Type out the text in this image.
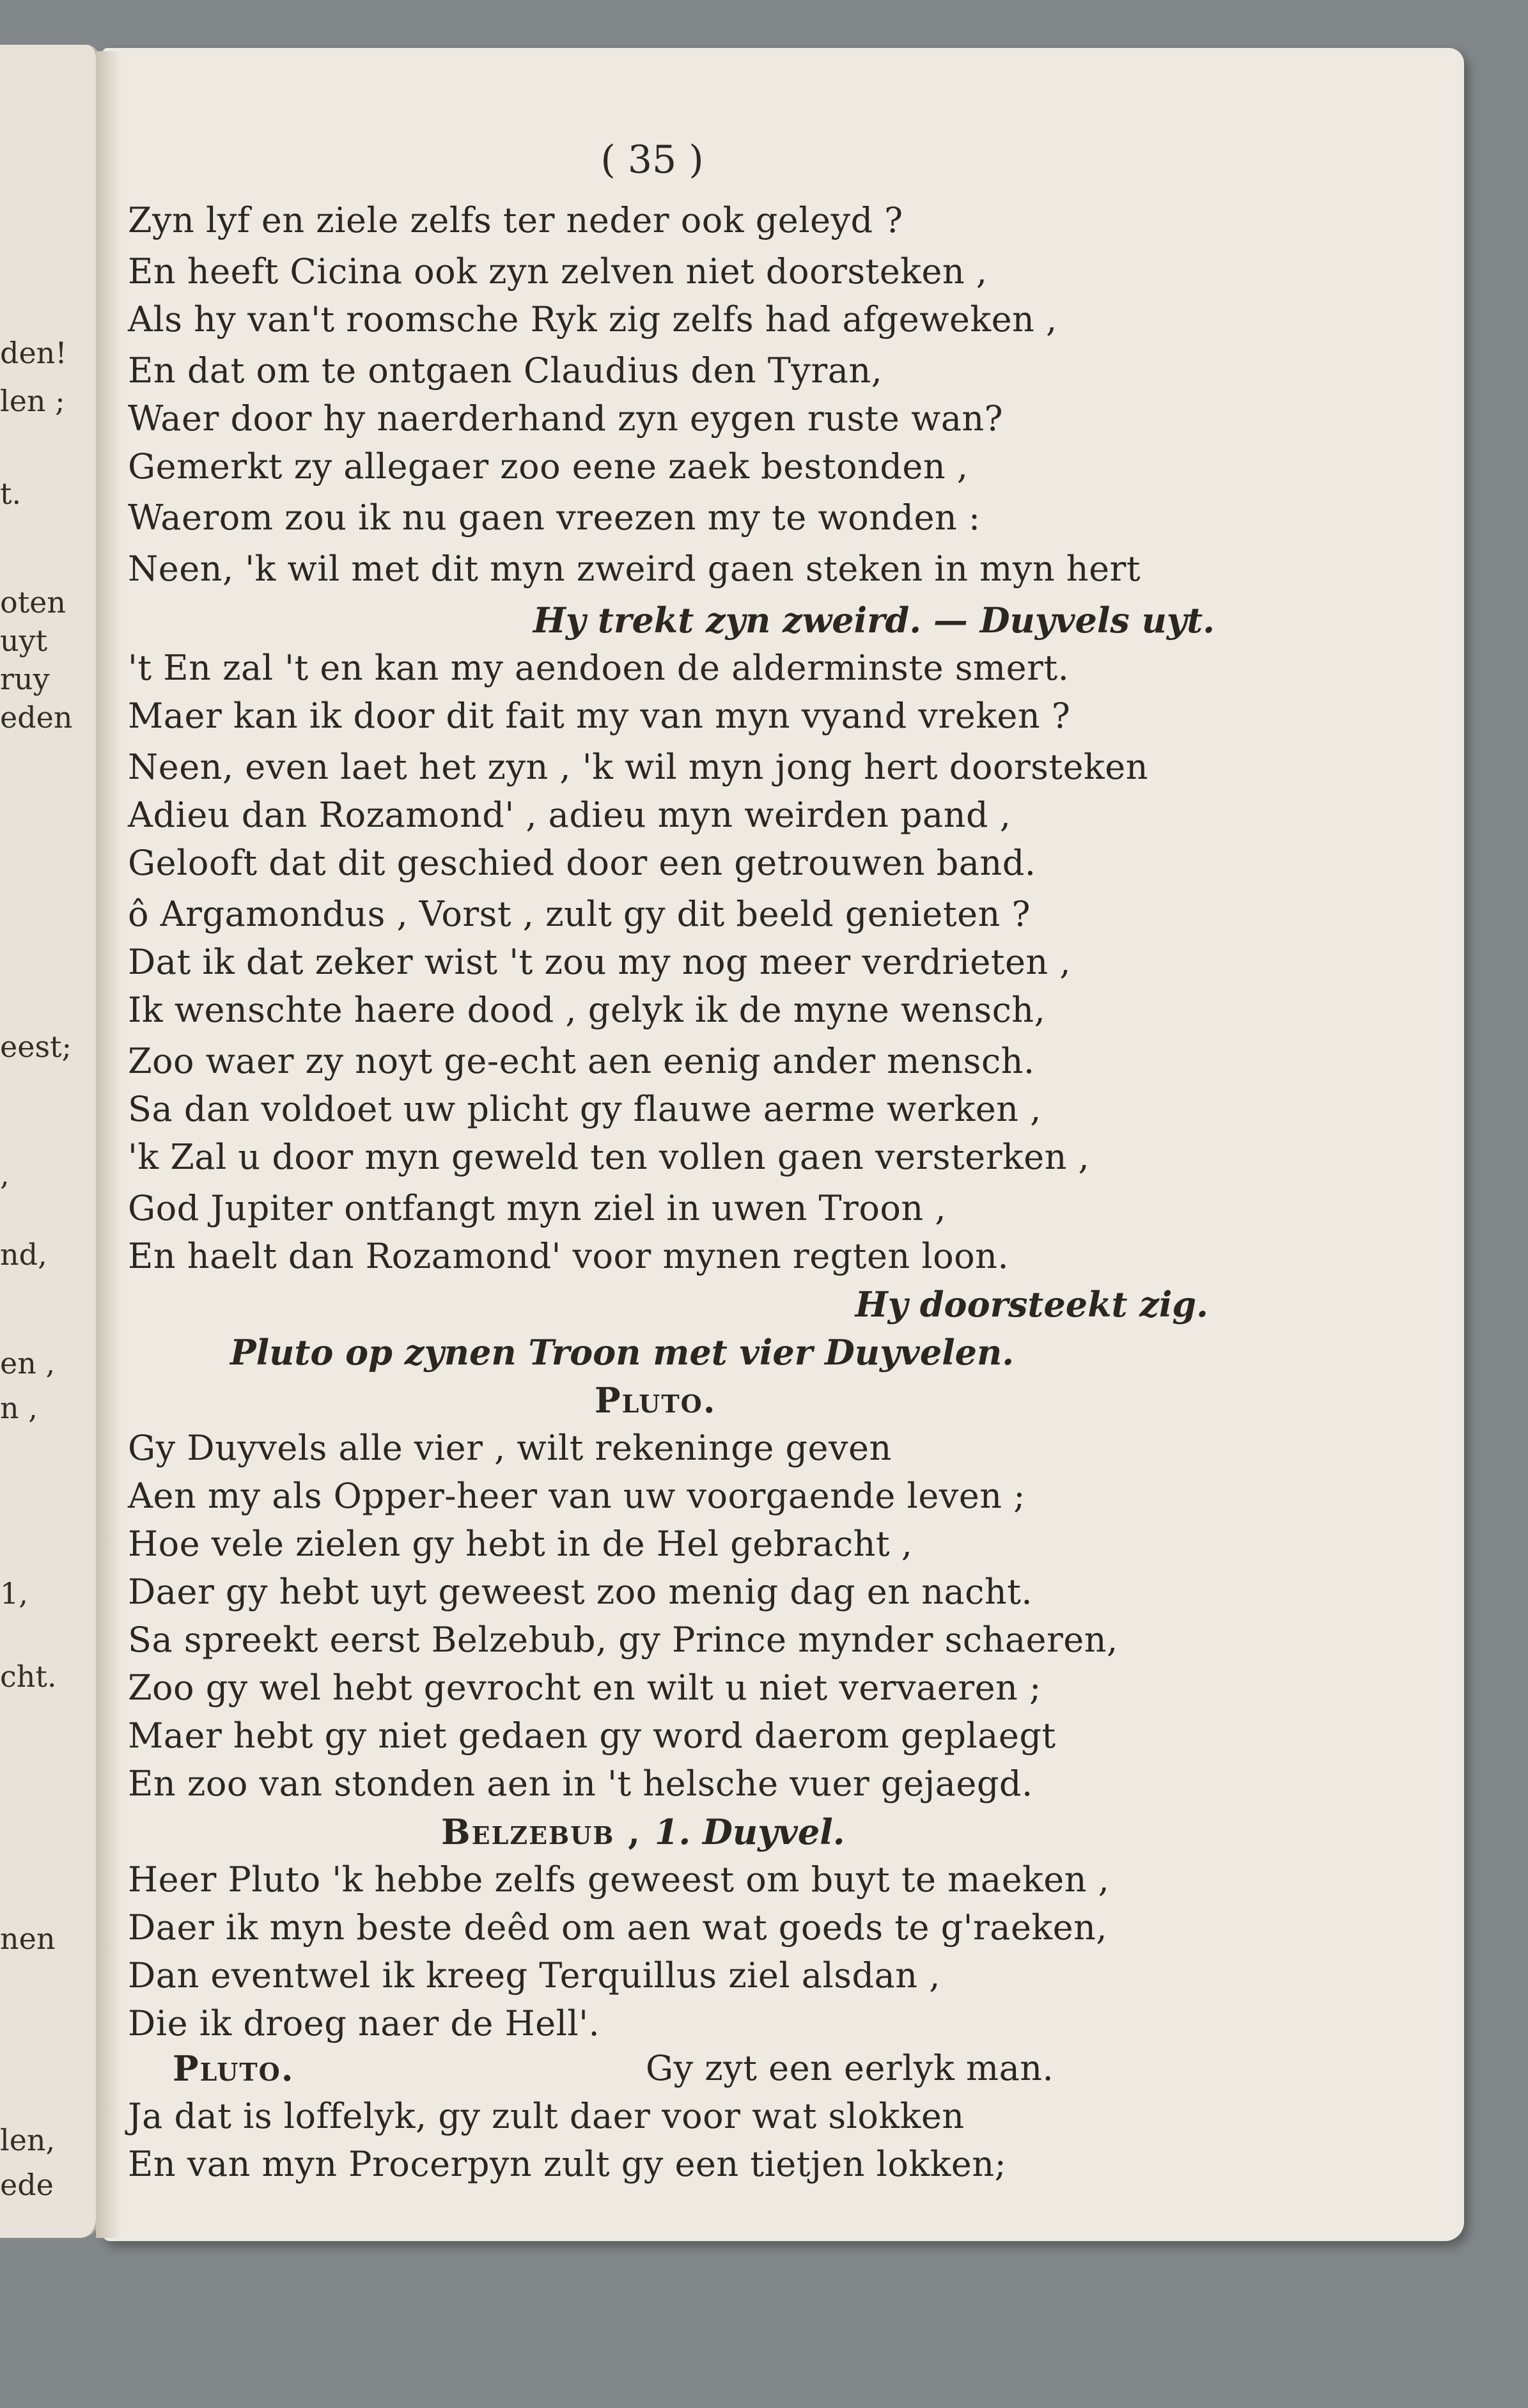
den!
len ;
t.
oten
uyt
ruy
eden
eest;
,
nd,
en ,
n ,
1,
cht.
nen
len,
ede
( 35 )
Zyn lyf en ziele zelfs ter neder ook geleyd ?
En heeft Cicina ook zyn zelven niet doorsteken ,
Als hy van't roomsche Ryk zig zelfs had afgeweken ,
En dat om te ontgaen Claudius den Tyran,
Waer door hy naerderhand zyn eygen ruste wan?
Gemerkt zy allegaer zoo eene zaek bestonden ,
Waerom zou ik nu gaen vreezen my te wonden :
Neen, 'k wil met dit myn zweird gaen steken in myn hert
Hy trekt zyn zweird. — Duyvels uyt.
't En zal 't en kan my aendoen de alderminste smert.
Maer kan ik door dit fait my van myn vyand vreken ?
Neen, even laet het zyn , 'k wil myn jong hert doorsteken
Adieu dan Rozamond' , adieu myn weirden pand ,
Gelooft dat dit geschied door een getrouwen band.
ô Argamondus , Vorst , zult gy dit beeld genieten ?
Dat ik dat zeker wist 't zou my nog meer verdrieten ,
Ik wenschte haere dood , gelyk ik de myne wensch,
Zoo waer zy noyt ge-echt aen eenig ander mensch.
Sa dan voldoet uw plicht gy flauwe aerme werken ,
'k Zal u door myn geweld ten vollen gaen versterken ,
God Jupiter ontfangt myn ziel in uwen Troon ,
En haelt dan Rozamond' voor mynen regten loon.
Hy doorsteekt zig.
Pluto op zynen Troon met vier Duyvelen.
Pluto.
Gy Duyvels alle vier , wilt rekeninge geven
Aen my als Opper-heer van uw voorgaende leven ;
Hoe vele zielen gy hebt in de Hel gebracht ,
Daer gy hebt uyt geweest zoo menig dag en nacht.
Sa spreekt eerst Belzebub, gy Prince mynder schaeren,
Zoo gy wel hebt gevrocht en wilt u niet vervaeren ;
Maer hebt gy niet gedaen gy word daerom geplaegt
En zoo van stonden aen in 't helsche vuer gejaegd.
Belzebub , 1. Duyvel.
Heer Pluto 'k hebbe zelfs geweest om buyt te maeken ,
Daer ik myn beste deêd om aen wat goeds te g'raeken,
Dan eventwel ik kreeg Terquillus ziel alsdan ,
Die ik droeg naer de Hell'.
Pluto.	Gy zyt een eerlyk man.
Ja dat is loffelyk, gy zult daer voor wat slokken
En van myn Procerpyn zult gy een tietjen lokken;
